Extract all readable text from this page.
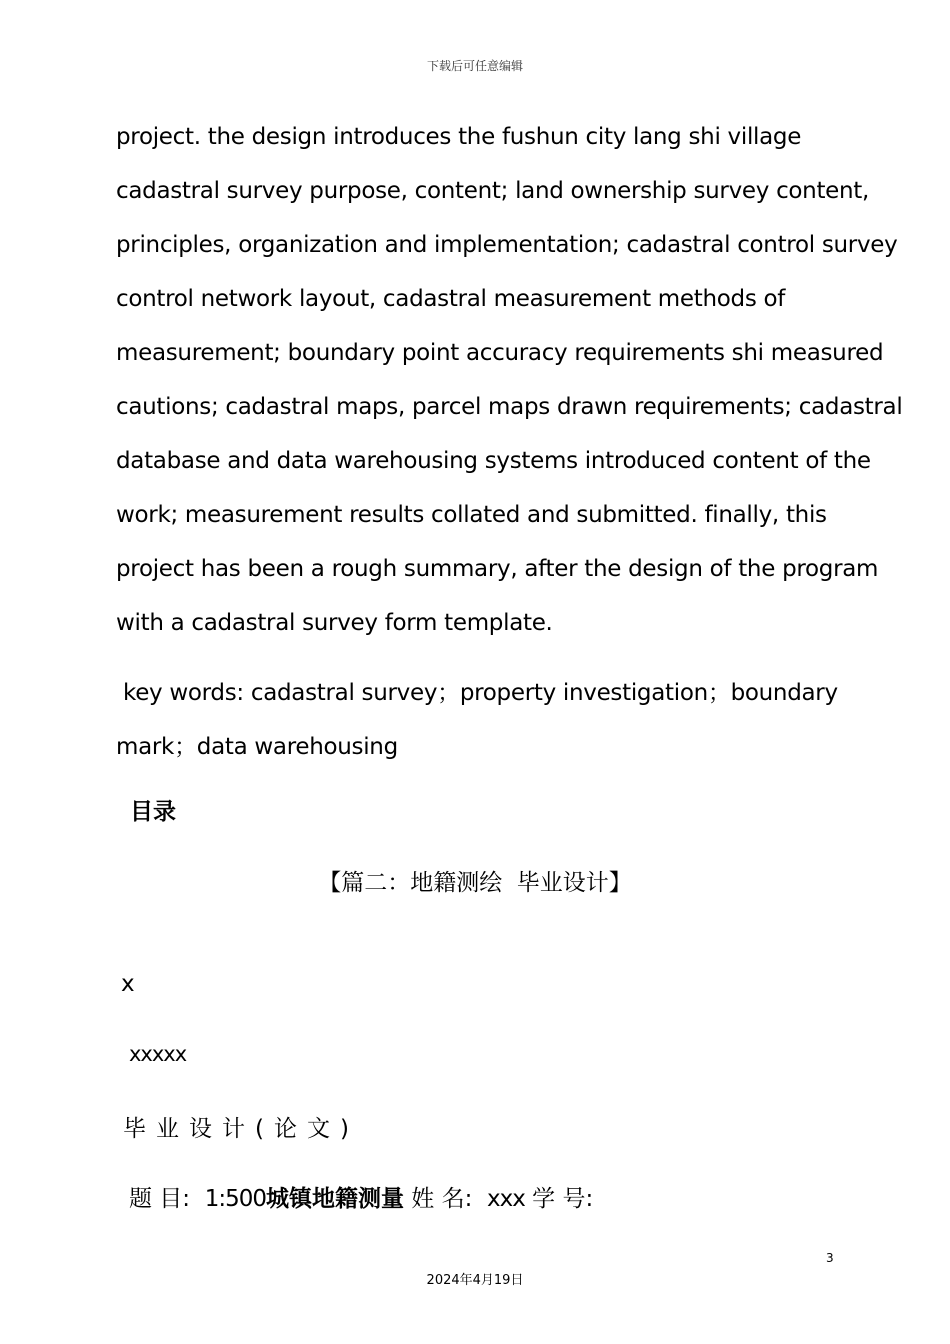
下载后可任意编辑
project. the design introduces the fushun city lang shi village
cadastral survey purpose, content; land ownership survey content,
principles, organization and implementation; cadastral control survey
control network layout, cadastral measurement methods of
measurement; boundary point accuracy requirements shi measured
cautions; cadastral maps, parcel maps drawn requirements; cadastral
database and data warehousing systems introduced content of the
work; measurement results collated and submitted. finally, this
project has been a rough summary, after the design of the program
with a cadastral survey form template.
key words: cadastral survey；property investigation；boundary
mark；data warehousing
目录
【篇二：地籍测绘  毕业设计】
x
xxxxx
毕业设计(论文)
题 目: 1:500城镇地籍测量 姓 名: xxx 学 号:
3
2024年4月19日
